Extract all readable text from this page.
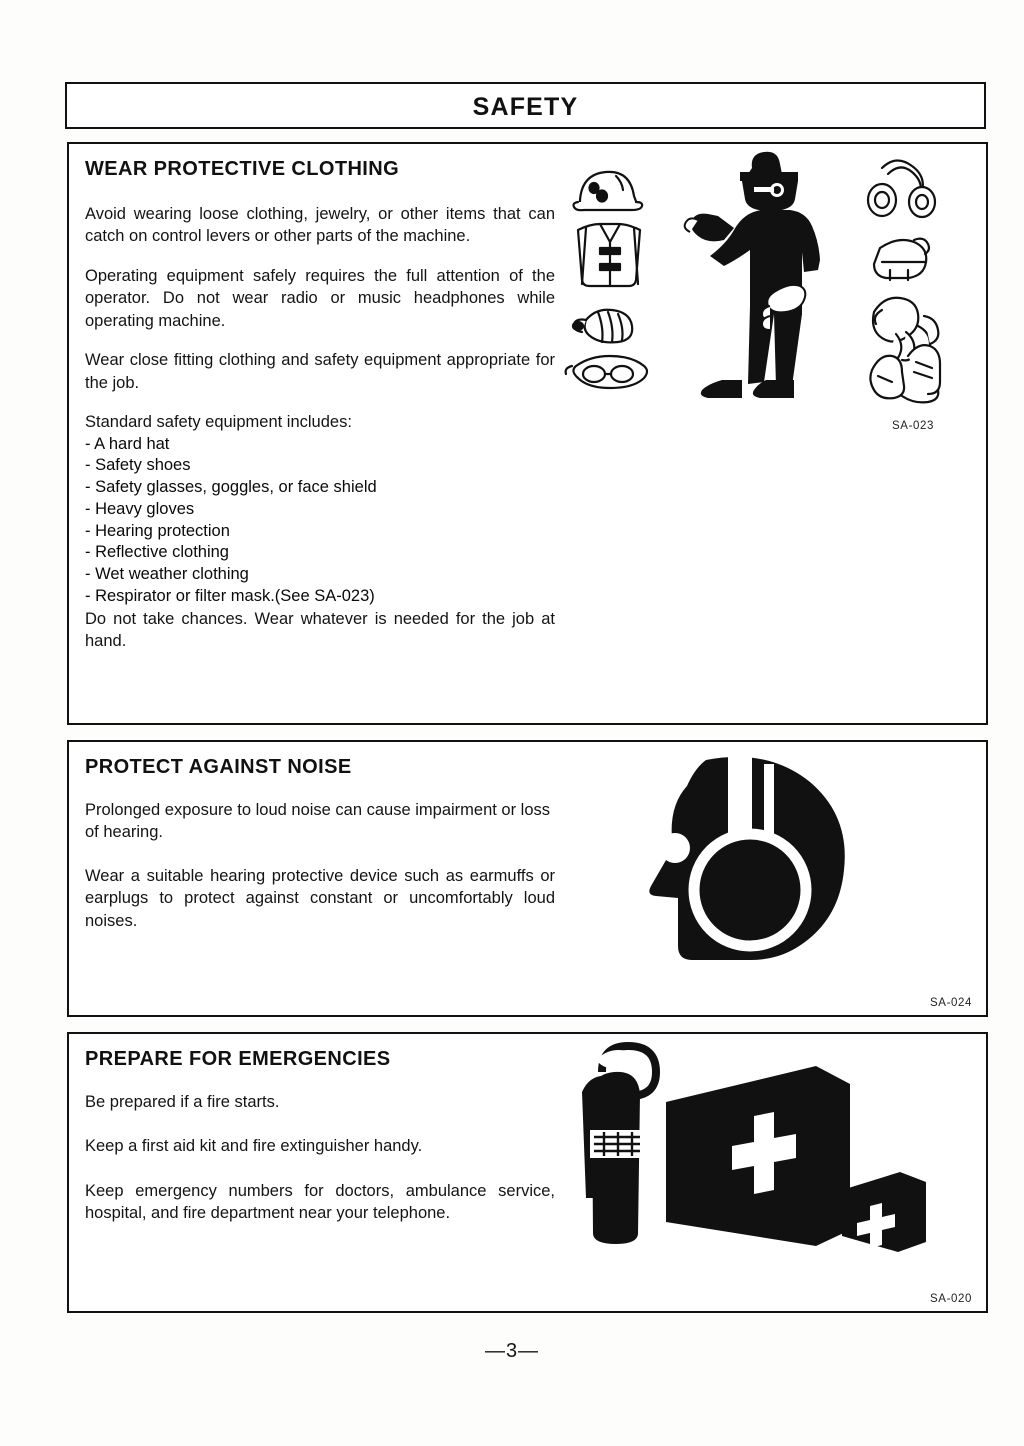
SAFETY
WEAR PROTECTIVE CLOTHING

Avoid wearing loose clothing, jewelry, or other items that can catch on control levers or other parts of the machine.

Operating equipment safely requires the full attention of the operator. Do not wear radio or music headphones while operating machine.

Wear close fitting clothing and safety equipment appropriate for the job.

Standard safety equipment includes:

- A hard hat
- Safety shoes
- Safety glasses, goggles, or face shield
- Heavy gloves
- Hearing protection
- Reflective clothing
- Wet weather clothing
- Respirator or filter mask.(See SA-023)

Do not take chances. Wear whatever is needed for the job at hand.

SA-023
PROTECT AGAINST NOISE

Prolonged exposure to loud noise can cause impairment or loss of hearing.

Wear a suitable hearing protective device such as earmuffs or earplugs to protect against constant or uncomfortably loud noises.

SA-024
PREPARE FOR EMERGENCIES

Be prepared if a fire starts.

Keep a first aid kit and fire extinguisher handy.

Keep emergency numbers for doctors, ambulance service, hospital, and fire department near your telephone.

SA-020
—3—
